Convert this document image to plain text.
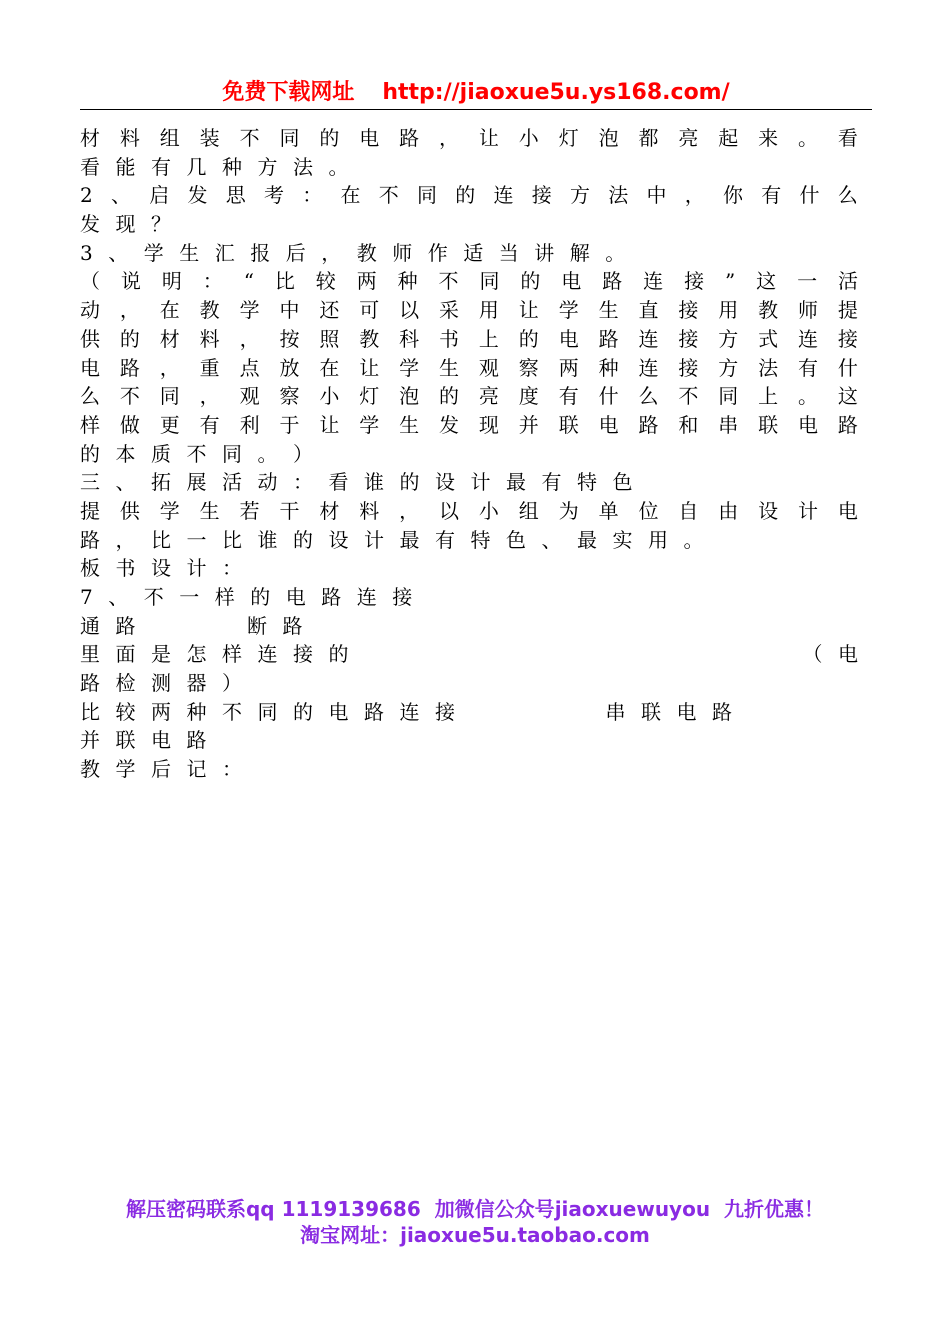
免费下载网址 http://jiaoxue5u.ys168.com/
材 料 组 装 不 同 的 电 路 ， 让 小 灯 泡 都 亮 起 来 。 看
看 能 有 几 种 方 法 。
2 、 启 发 思 考 ： 在 不 同 的 连 接 方 法 中 ， 你 有 什 么
发 现 ？
3 、 学 生 汇 报 后 ， 教 师 作 适 当 讲 解 。
（ 说 明 ： “ 比 较 两 种 不 同 的 电 路 连 接 ” 这 一 活
动 ， 在 教 学 中 还 可 以 采 用 让 学 生 直 接 用 教 师 提
供 的 材 料 ， 按 照 教 科 书 上 的 电 路 连 接 方 式 连 接
电 路 ， 重 点 放 在 让 学 生 观 察 两 种 连 接 方 法 有 什
么 不 同 ， 观 察 小 灯 泡 的 亮 度 有 什 么 不 同 上 。 这
样 做 更 有 利 于 让 学 生 发 现 并 联 电 路 和 串 联 电 路
的 本 质 不 同 。 ）
三 、 拓 展 活 动 ： 看 谁 的 设 计 最 有 特 色
提 供 学 生 若 干 材 料 ， 以 小 组 为 单 位 自 由 设 计 电
路 ， 比 一 比 谁 的 设 计 最 有 特 色 、 最 实 用 。
板 书 设 计 ：
7 、 不 一 样 的 电 路 连 接
通 路	断 路
里 面 是 怎 样 连 接 的	（ 电
路 检 测 器 ）
比 较 两 种 不 同 的 电 路 连 接	串 联 电 路
并 联 电 路
教 学 后 记 ：
解压密码联系qq 1119139686 加微信公众号jiaoxuewuyou 九折优惠！
淘宝网址：jiaoxue5u.taobao.com
